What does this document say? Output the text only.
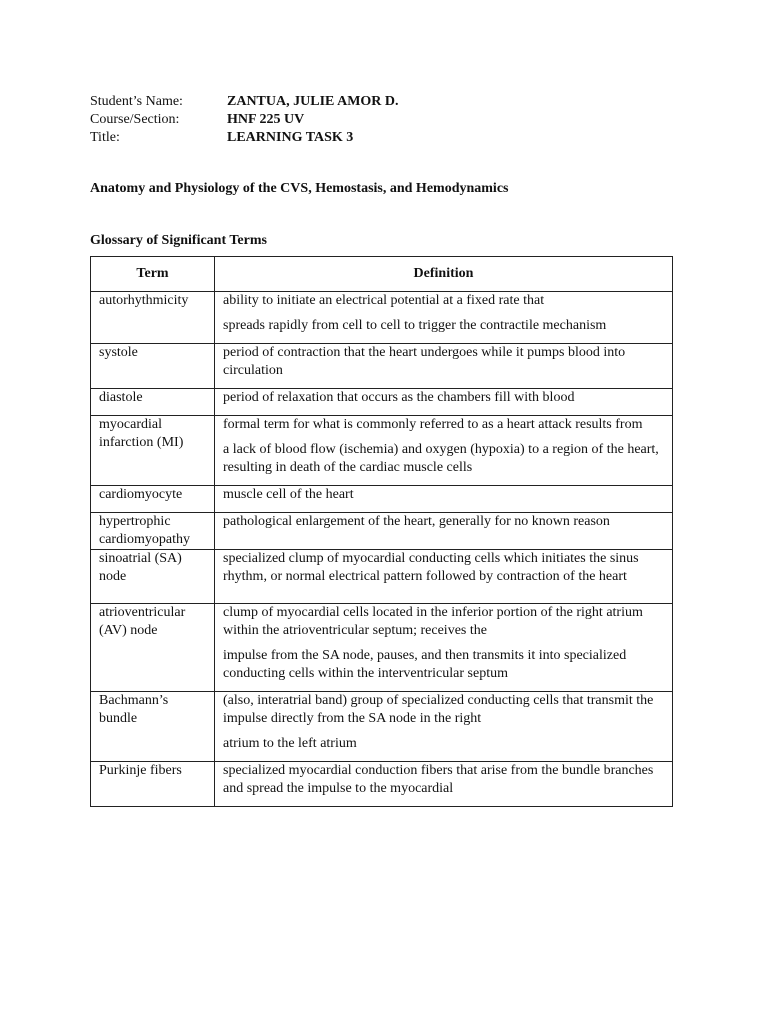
Student’s Name:	ZANTUA, JULIE AMOR D.
Course/Section:	HNF 225 UV
Title:	LEARNING TASK 3
Anatomy and Physiology of the CVS, Hemostasis, and Hemodynamics
Glossary of Significant Terms
Term	Definition
autorhythmicity	ability to initiate an electrical potential at a fixed rate that

spreads rapidly from cell to cell to trigger the contractile mechanism

systole	period of contraction that the heart undergoes while it pumps blood into circulation

diastole	period of relaxation that occurs as the chambers fill with blood

myocardial infarction (MI)	formal term for what is commonly referred to as a heart attack results from

a lack of blood flow (ischemia) and oxygen (hypoxia) to a region of the heart, resulting in death of the cardiac muscle cells

cardiomyocyte	muscle cell of the heart

hypertrophic cardiomyopathy	pathological enlargement of the heart, generally for no known reason

sinoatrial (SA) node	specialized clump of myocardial conducting cells which initiates the sinus rhythm, or normal electrical pattern followed by contraction of the heart

atrioventricular (AV) node	clump of myocardial cells located in the inferior portion of the right atrium within the atrioventricular septum; receives the

impulse from the SA node, pauses, and then transmits it into specialized conducting cells within the interventricular septum

Bachmann’s bundle	(also, interatrial band) group of specialized conducting cells that transmit the impulse directly from the SA node in the right

atrium to the left atrium

Purkinje fibers	specialized myocardial conduction fibers that arise from the bundle branches and spread the impulse to the myocardial
